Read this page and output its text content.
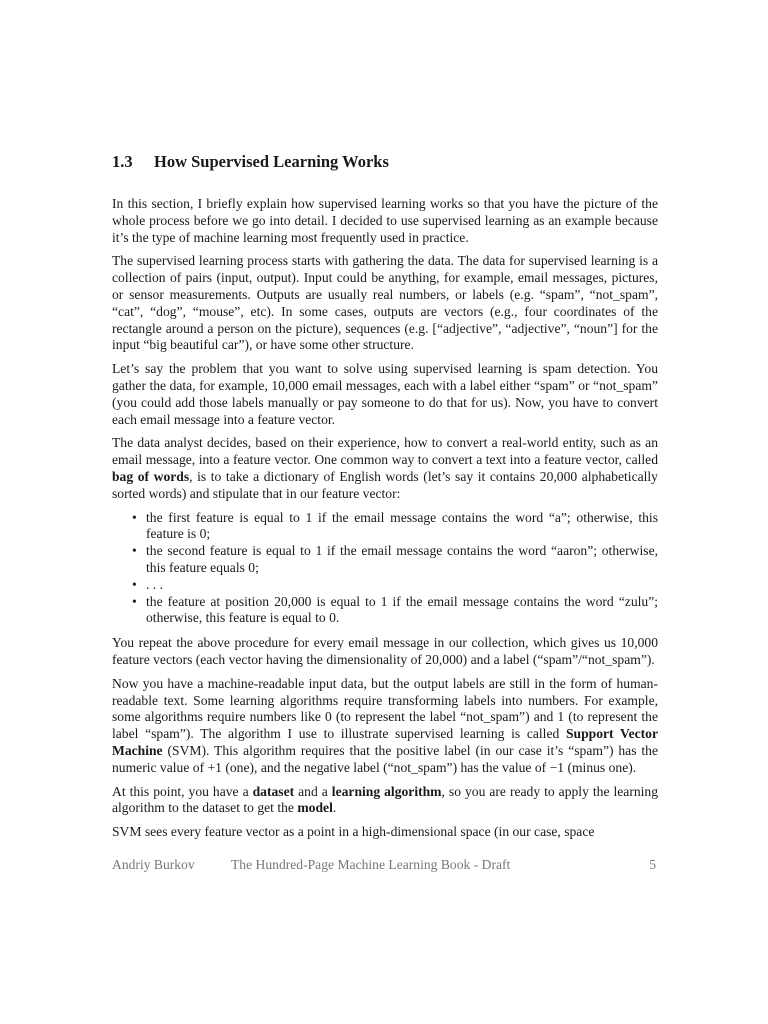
1.3 How Supervised Learning Works

In this section, I briefly explain how supervised learning works so that you have the picture of the whole process before we go into detail. I decided to use supervised learning as an example because it’s the type of machine learning most frequently used in practice.

The supervised learning process starts with gathering the data. The data for supervised learning is a collection of pairs (input, output). Input could be anything, for example, email messages, pictures, or sensor measurements. Outputs are usually real numbers, or labels (e.g. “spam”, “not_spam”, “cat”, “dog”, “mouse”, etc). In some cases, outputs are vectors (e.g., four coordinates of the rectangle around a person on the picture), sequences (e.g. [“adjective”, “adjective”, “noun”] for the input “big beautiful car”), or have some other structure.

Let’s say the problem that you want to solve using supervised learning is spam detection. You gather the data, for example, 10,000 email messages, each with a label either “spam” or “not_spam” (you could add those labels manually or pay someone to do that for us). Now, you have to convert each email message into a feature vector.

The data analyst decides, based on their experience, how to convert a real-world entity, such as an email message, into a feature vector. One common way to convert a text into a feature vector, called bag of words, is to take a dictionary of English words (let’s say it contains 20,000 alphabetically sorted words) and stipulate that in our feature vector:

• the first feature is equal to 1 if the email message contains the word “a”; otherwise, this feature is 0;
• the second feature is equal to 1 if the email message contains the word “aaron”; otherwise, this feature equals 0;
• . . .
• the feature at position 20,000 is equal to 1 if the email message contains the word “zulu”; otherwise, this feature is equal to 0.

You repeat the above procedure for every email message in our collection, which gives us 10,000 feature vectors (each vector having the dimensionality of 20,000) and a label (“spam”/“not_spam”).

Now you have a machine-readable input data, but the output labels are still in the form of human-readable text. Some learning algorithms require transforming labels into numbers. For example, some algorithms require numbers like 0 (to represent the label “not_spam”) and 1 (to represent the label “spam”). The algorithm I use to illustrate supervised learning is called Support Vector Machine (SVM). This algorithm requires that the positive label (in our case it’s “spam”) has the numeric value of +1 (one), and the negative label (“not_spam”) has the value of −1 (minus one).

At this point, you have a dataset and a learning algorithm, so you are ready to apply the learning algorithm to the dataset to get the model.

SVM sees every feature vector as a point in a high-dimensional space (in our case, space

Andriy Burkov	The Hundred-Page Machine Learning Book - Draft	5
